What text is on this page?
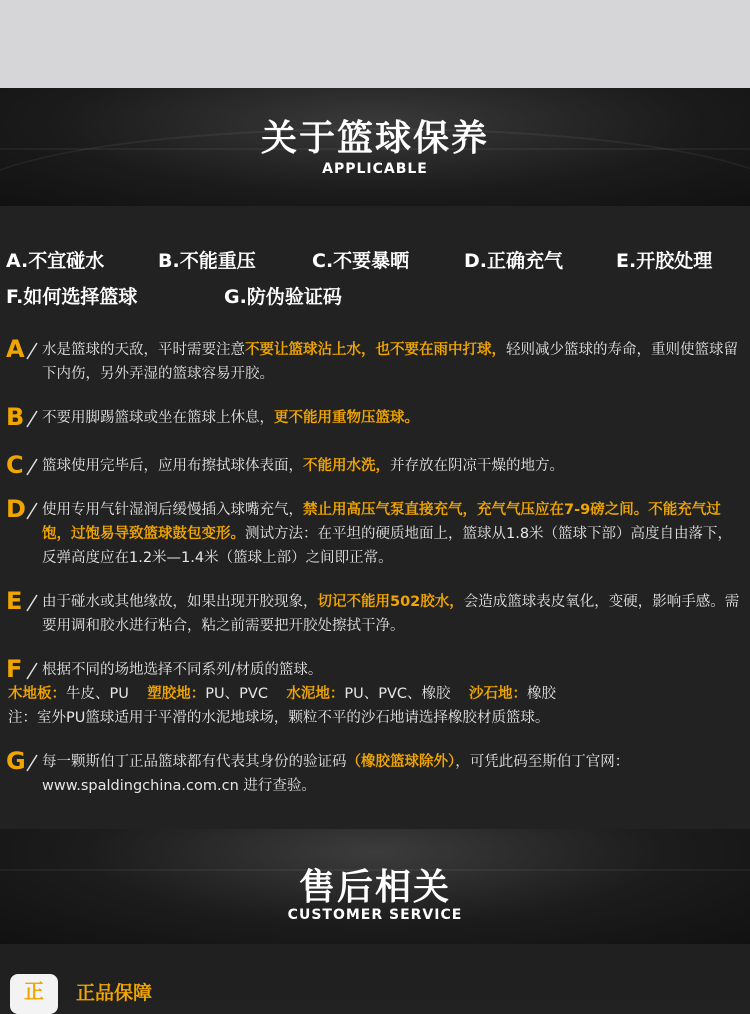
关于篮球保养
APPLICABLE
A.不宜碰水	B.不能重压	C.不要暴晒	D.正确充气	E.开胶处理
F.如何选择篮球	G.防伪验证码
A 水是篮球的天敌，平时需要注意不要让篮球沾上水，也不要在雨中打球，轻则减少篮球的寿命，重则使篮球留下内伤，另外弄湿的篮球容易开胶。
B 不要用脚踢篮球或坐在篮球上休息，更不能用重物压篮球。
C 篮球使用完毕后，应用布擦拭球体表面，不能用水洗，并存放在阴凉干燥的地方。
D 使用专用气针湿润后缓慢插入球嘴充气，禁止用高压气泵直接充气，充气气压应在7-9磅之间。不能充气过饱，过饱易导致篮球鼓包变形。测试方法：在平坦的硬质地面上，篮球从1.8米（篮球下部）高度自由落下，反弹高度应在1.2米—1.4米（篮球上部）之间即正常。
E 由于碰水或其他缘故，如果出现开胶现象，切记不能用502胶水，会造成篮球表皮氧化，变硬，影响手感。需要用调和胶水进行粘合，粘之前需要把开胶处擦拭干净。
F 根据不同的场地选择不同系列/材质的篮球。
木地板：牛皮、PU 塑胶地：PU、PVC 水泥地：PU、PVC、橡胶 沙石地：橡胶
注：室外PU篮球适用于平滑的水泥地球场，颗粒不平的沙石地请选择橡胶材质篮球。
G 每一颗斯伯丁正品篮球都有代表其身份的验证码（橡胶篮球除外），可凭此码至斯伯丁官网：www.spaldingchina.com.cn 进行查验。
售后相关
CUSTOMER SERVICE
正	正品保障
